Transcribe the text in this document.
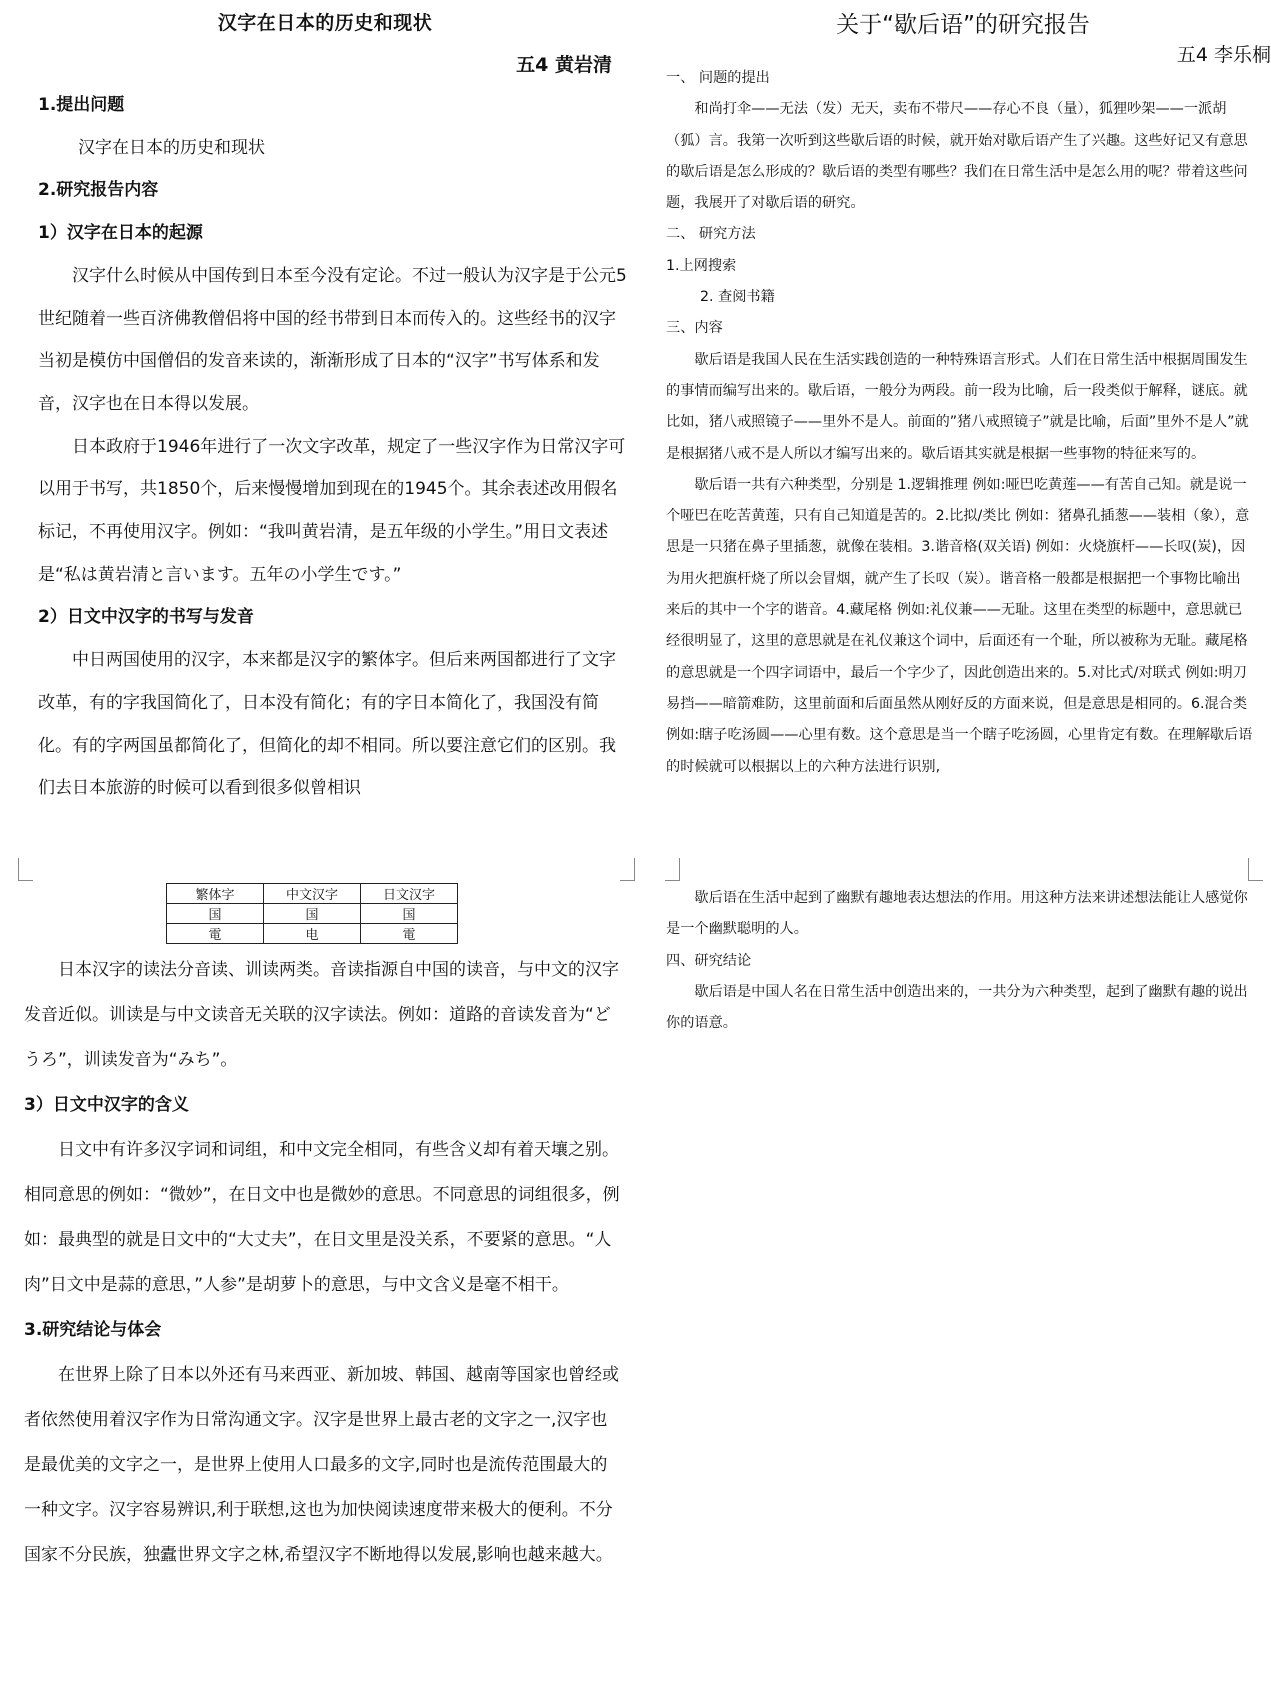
汉字在日本的历史和现状
五4 黄岩清

1.提出问题

汉字在日本的历史和现状

2.研究报告内容

1）汉字在日本的起源

汉字什么时候从中国传到日本至今没有定论。不过一般认为汉字是于公元5世纪随着一些百济佛教僧侣将中国的经书带到日本而传入的。这些经书的汉字当初是模仿中国僧侣的发音来读的，渐渐形成了日本的“汉字”书写体系和发音，汉字也在日本得以发展。

日本政府于1946年进行了一次文字改革，规定了一些汉字作为日常汉字可以用于书写，共1850个，后来慢慢增加到现在的1945个。其余表述改用假名标记，不再使用汉字。例如：“我叫黄岩清，是五年级的小学生。”用日文表述是“私は黄岩清と言います。五年の小学生です。”

2）日文中汉字的书写与发音

中日两国使用的汉字，本来都是汉字的繁体字。但后来两国都进行了文字改革，有的字我国简化了，日本没有简化；有的字日本简化了，我国没有简化。有的字两国虽都简化了，但简化的却不相同。所以要注意它们的区别。我们去日本旅游的时候可以看到很多似曾相识

繁体字	中文汉字	日文汉字
国	国	国
電	电	電

日本汉字的读法分音读、训读两类。音读指源自中国的读音，与中文的汉字发音近似。训读是与中文读音无关联的汉字读法。例如：道路的音读发音为“どうろ”，训读发音为“みち”。

3）日文中汉字的含义

日文中有许多汉字词和词组，和中文完全相同，有些含义却有着天壤之别。相同意思的例如：“微妙”，在日文中也是微妙的意思。不同意思的词组很多，例如：最典型的就是日文中的“大丈夫”，在日文里是没关系，不要紧的意思。“人肉”日文中是蒜的意思，”人参”是胡萝卜的意思，与中文含义是毫不相干。

3.研究结论与体会

在世界上除了日本以外还有马来西亚、新加坡、韩国、越南等国家也曾经或者依然使用着汉字作为日常沟通文字。汉字是世界上最古老的文字之一,汉字也是最优美的文字之一，是世界上使用人口最多的文字,同时也是流传范围最大的一种文字。汉字容易辨识,利于联想,这也为加快阅读速度带来极大的便利。不分国家不分民族，独蠹世界文字之林,希望汉字不断地得以发展,影响也越来越大。

关于“歇后语”的研究报告
五4 李乐桐

一、 问题的提出

和尚打伞——无法（发）无天，卖布不带尺——存心不良（量），狐狸吵架——一派胡（狐）言。我第一次听到这些歇后语的时候，就开始对歇后语产生了兴趣。这些好记又有意思的歇后语是怎么形成的？歇后语的类型有哪些？我们在日常生活中是怎么用的呢？带着这些问题，我展开了对歇后语的研究。

二、 研究方法

1.上网搜索

2. 查阅书籍

三、内容

歇后语是我国人民在生活实践创造的一种特殊语言形式。人们在日常生活中根据周围发生的事情而编写出来的。歇后语，一般分为两段。前一段为比喻，后一段类似于解释，谜底。就比如，猪八戒照镜子——里外不是人。前面的”猪八戒照镜子”就是比喻，后面”里外不是人”就是根据猪八戒不是人所以才编写出来的。歇后语其实就是根据一些事物的特征来写的。

歇后语一共有六种类型，分别是 1.逻辑推理 例如:哑巴吃黄莲——有苦自己知。就是说一个哑巴在吃苦黄莲，只有自己知道是苦的。2.比拟/类比 例如：猪鼻孔插葱——装相（象），意思是一只猪在鼻子里插葱，就像在装相。3.谐音格(双关语) 例如：火烧旗杆——长叹(炭)，因为用火把旗杆烧了所以会冒烟，就产生了长叹（炭）。谐音格一般都是根据把一个事物比喻出来后的其中一个字的谐音。4.藏尾格 例如:礼仪兼——无耻。这里在类型的标题中，意思就已经很明显了，这里的意思就是在礼仪兼这个词中，后面还有一个耻，所以被称为无耻。藏尾格的意思就是一个四字词语中，最后一个字少了，因此创造出来的。5.对比式/对联式 例如:明刀易挡——暗箭难防，这里前面和后面虽然从刚好反的方面来说，但是意思是相同的。6.混合类 例如:瞎子吃汤圆——心里有数。这个意思是当一个瞎子吃汤圆，心里肯定有数。在理解歇后语的时候就可以根据以上的六种方法进行识别,

歇后语在生活中起到了幽默有趣地表达想法的作用。用这种方法来讲述想法能让人感觉你是一个幽默聪明的人。

四、研究结论

歇后语是中国人名在日常生活中创造出来的，一共分为六种类型，起到了幽默有趣的说出你的语意。
